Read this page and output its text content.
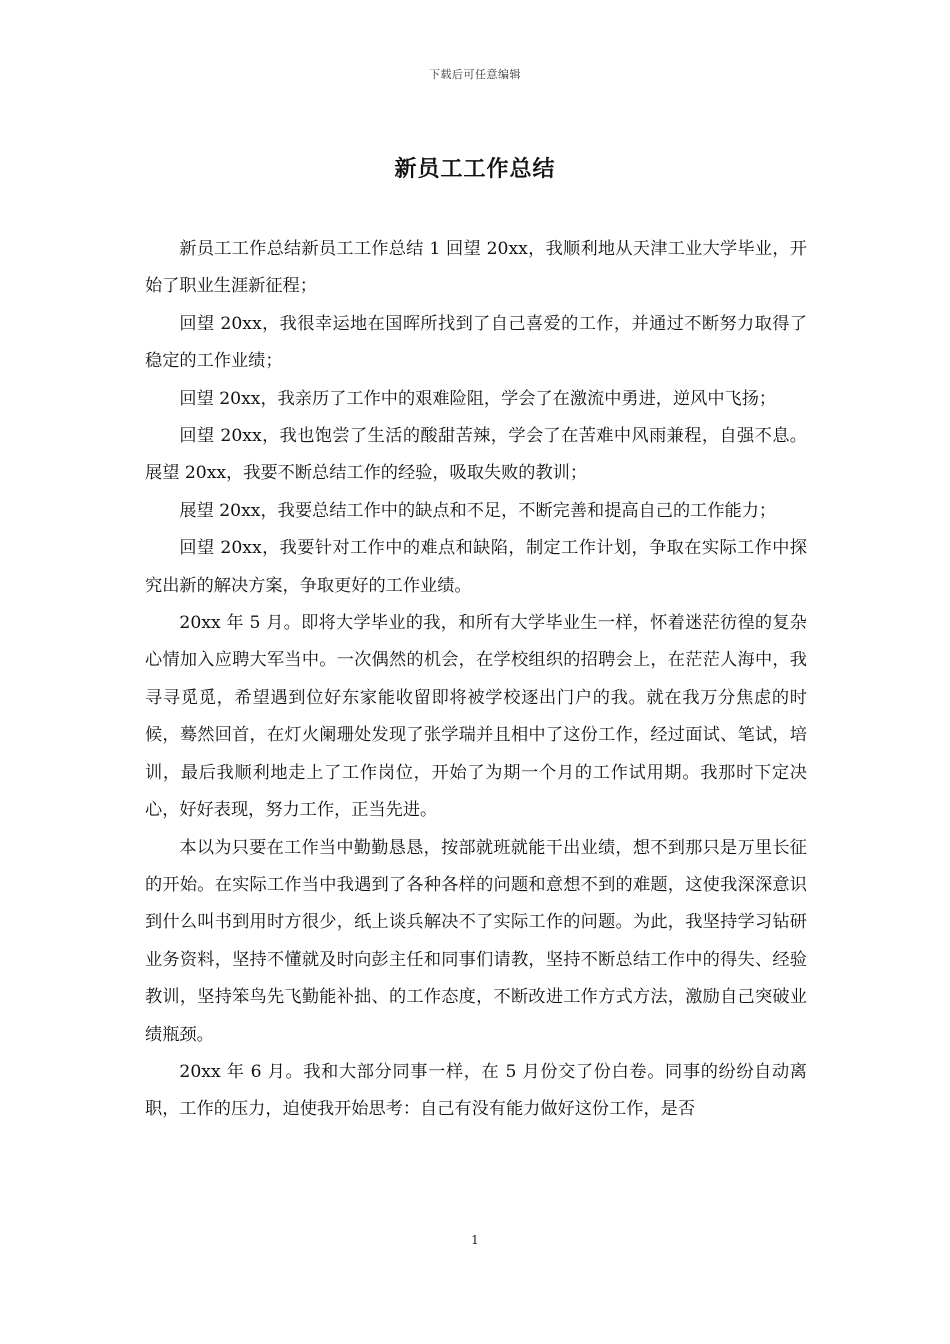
下载后可任意编辑
新员工工作总结

新员工工作总结新员工工作总结 1 回望 20xx，我顺利地从天津工业大学毕业，开始了职业生涯新征程；

回望 20xx，我很幸运地在国晖所找到了自己喜爱的工作，并通过不断努力取得了稳定的工作业绩；

回望 20xx，我亲历了工作中的艰难险阻，学会了在激流中勇进，逆风中飞扬；

回望 20xx，我也饱尝了生活的酸甜苦辣，学会了在苦难中风雨兼程，自强不息。展望 20xx，我要不断总结工作的经验，吸取失败的教训；

展望 20xx，我要总结工作中的缺点和不足，不断完善和提高自己的工作能力；

回望 20xx，我要针对工作中的难点和缺陷，制定工作计划，争取在实际工作中探究出新的解决方案，争取更好的工作业绩。

20xx 年 5 月。即将大学毕业的我，和所有大学毕业生一样，怀着迷茫彷徨的复杂心情加入应聘大军当中。一次偶然的机会，在学校组织的招聘会上，在茫茫人海中，我寻寻觅觅，希望遇到位好东家能收留即将被学校逐出门户的我。就在我万分焦虑的时候，蓦然回首，在灯火阑珊处发现了张学瑞并且相中了这份工作，经过面试、笔试，培训，最后我顺利地走上了工作岗位，开始了为期一个月的工作试用期。我那时下定决心，好好表现，努力工作，正当先进。

本以为只要在工作当中勤勤恳恳，按部就班就能干出业绩，想不到那只是万里长征的开始。在实际工作当中我遇到了各种各样的问题和意想不到的难题，这使我深深意识到什么叫书到用时方很少，纸上谈兵解决不了实际工作的问题。为此，我坚持学习钻研业务资料，坚持不懂就及时向彭主任和同事们请教，坚持不断总结工作中的得失、经验教训，坚持笨鸟先飞勤能补拙、的工作态度，不断改进工作方式方法，激励自己突破业绩瓶颈。

20xx 年 6 月。我和大部分同事一样，在 5 月份交了份白卷。同事的纷纷自动离职，工作的压力，迫使我开始思考：自己有没有能力做好这份工作，是否

1
